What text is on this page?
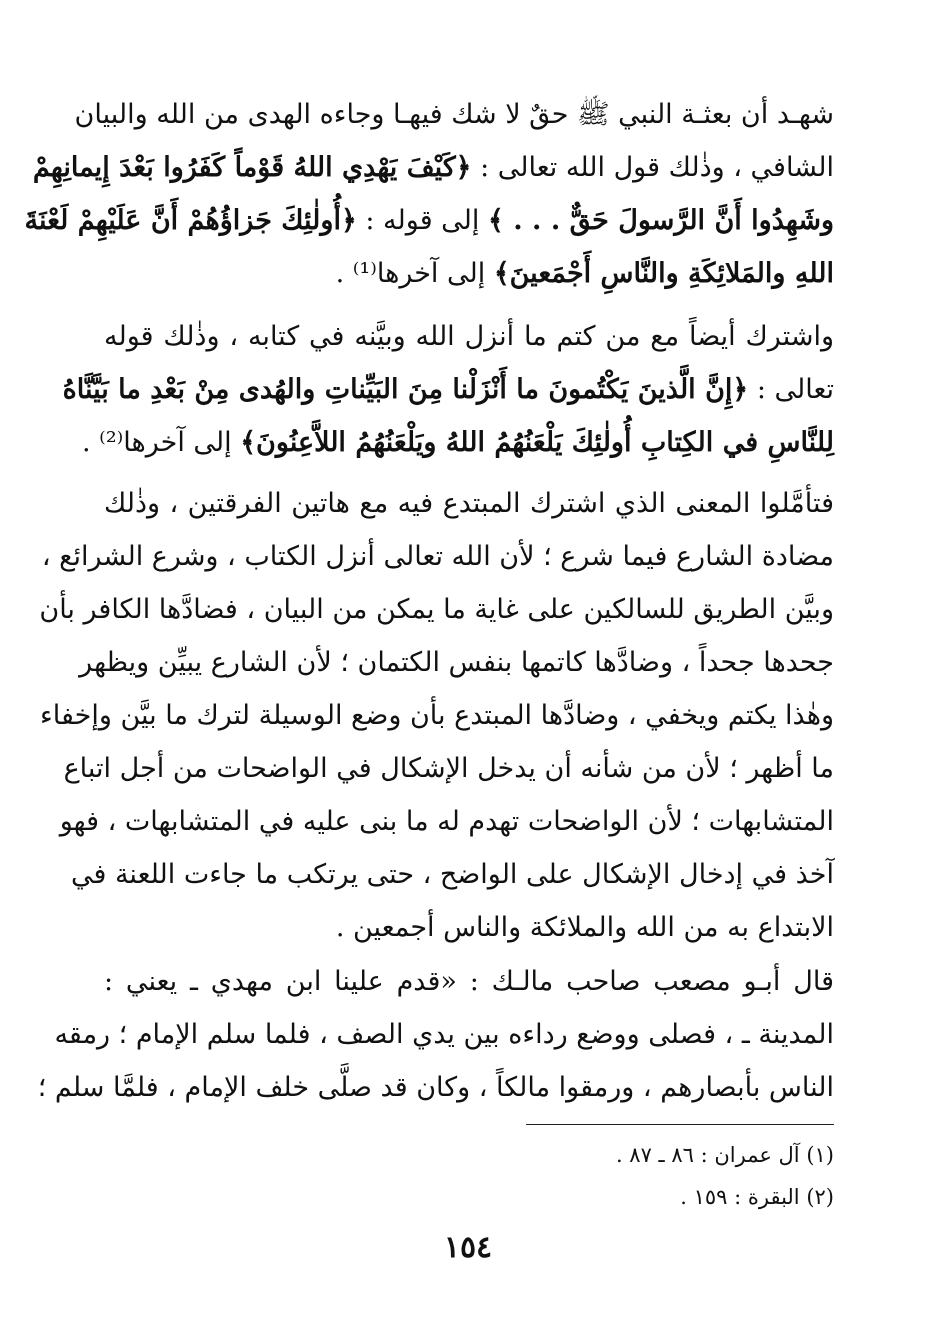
شهـد أن بعثـة النبي ﷺ حقٌ لا شك فيهـا وجاءه الهدى من الله والبيان
الشافي ، وذٰلك قول الله تعالى : ﴿كَيْفَ يَهْدِي اللهُ قَوْماً كَفَرُوا بَعْدَ إِيمانِهِمْ
وشَهِدُوا أَنَّ الرَّسولَ حَقٌّ . . . ﴾ إلى قوله : ﴿أُولٰئِكَ جَزاؤُهُمْ أَنَّ عَلَيْهِمْ لَعْنَةَ
اللهِ والمَلائِكَةِ والنَّاسِ أَجْمَعينَ﴾ إلى آخرها⁽¹⁾ .
واشترك أيضاً مع من كتم ما أنزل الله وبيَّنه في كتابه ، وذٰلك قوله
تعالى : ﴿إِنَّ الَّذينَ يَكْتُمونَ ما أَنْزَلْنا مِنَ البَيِّناتِ والهُدى مِنْ بَعْدِ ما بَيَّنَّاهُ
لِلنَّاسِ في الكِتابِ أُولٰئِكَ يَلْعَنُهُمُ اللهُ ويَلْعَنُهُمُ اللاَّعِنُونَ﴾ إلى آخرها⁽²⁾ .
فتأمَّلوا المعنى الذي اشترك المبتدع فيه مع هاتين الفرقتين ، وذٰلك
مضادة الشارع فيما شرع ؛ لأن الله تعالى أنزل الكتاب ، وشرع الشرائع ،
وبيَّن الطريق للسالكين على غاية ما يمكن من البيان ، فضادَّها الكافر بأن
جحدها جحداً ، وضادَّها كاتمها بنفس الكتمان ؛ لأن الشارع يبيِّن ويظهر
وهٰذا يكتم ويخفي ، وضادَّها المبتدع بأن وضع الوسيلة لترك ما بيَّن وإخفاء
ما أظهر ؛ لأن من شأنه أن يدخل الإشكال في الواضحات من أجل اتباع
المتشابهات ؛ لأن الواضحات تهدم له ما بنى عليه في المتشابهات ، فهو
آخذ في إدخال الإشكال على الواضح ، حتى يرتكب ما جاءت اللعنة في
الابتداع به من الله والملائكة والناس أجمعين .
قال أبـو مصعب صاحب مالـك : «قدم علينا ابن مهدي ـ يعني :
المدينة ـ ، فصلى ووضع رداءه بين يدي الصف ، فلما سلم الإمام ؛ رمقه
الناس بأبصارهم ، ورمقوا مالكاً ، وكان قد صلَّى خلف الإمام ، فلمَّا سلم ؛
(١) آل عمران : ٨٦ ـ ٨٧ .
(٢) البقرة : ١٥٩ .
١٥٤
